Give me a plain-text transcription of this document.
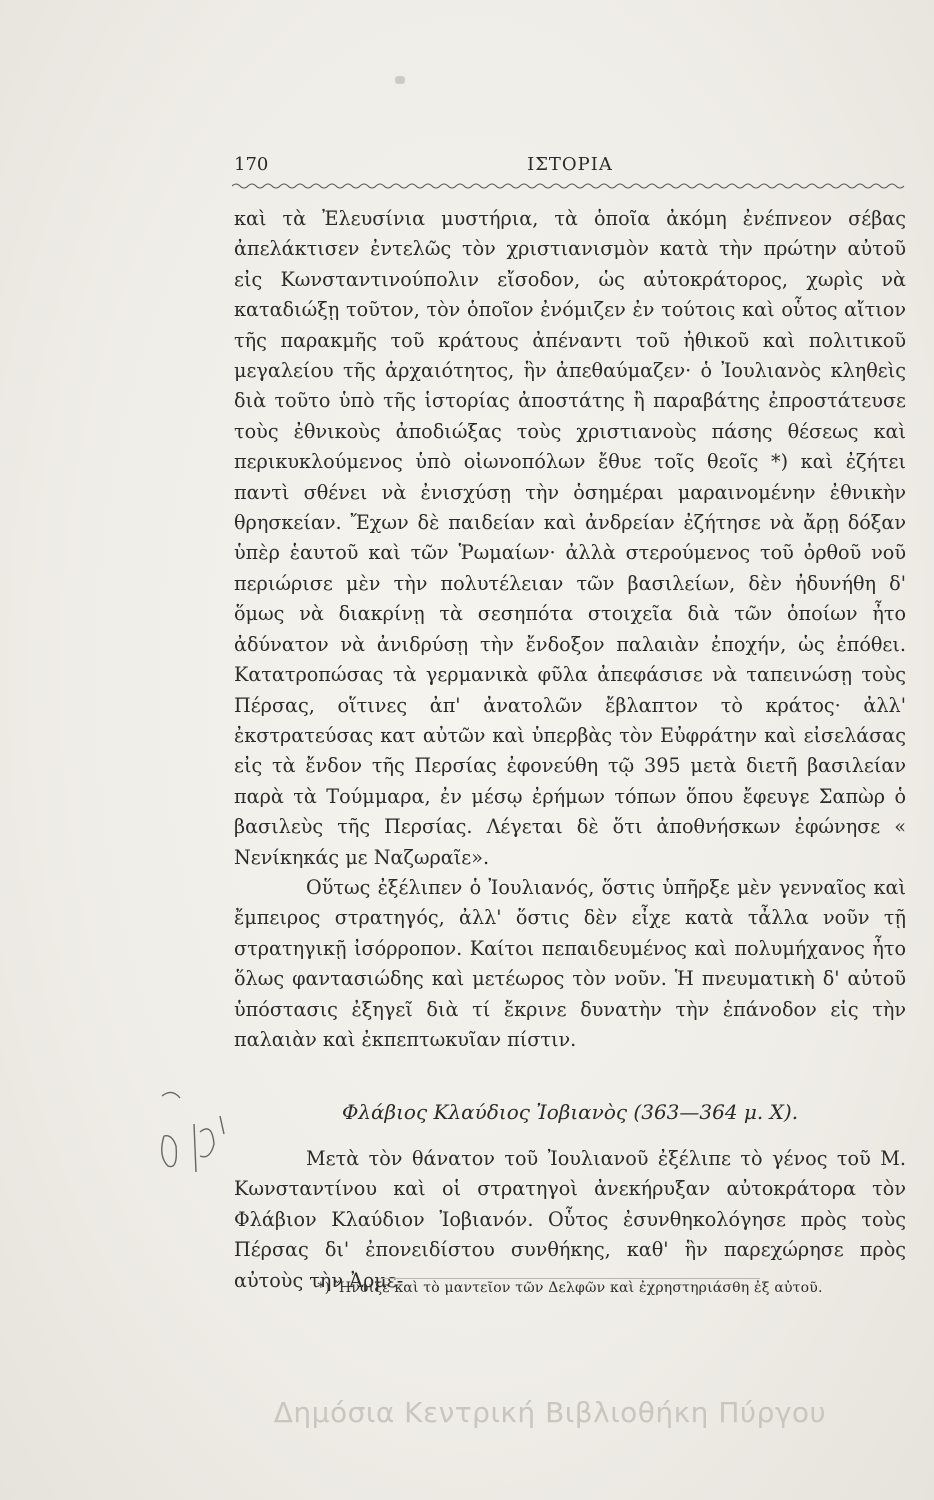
170	ΙΣΤΟΡΙΑ

καὶ τὰ Ἐλευσίνια μυστήρια, τὰ ὁποῖα ἀκόμη ἐνέπνεον σέβας ἀπελάκτισεν ἐντελῶς τὸν χριστιανισμὸν κατὰ τὴν πρώτην αὐτοῦ εἰς Κωνσταντινούπολιν εἴσοδον, ὡς αὐτοκράτορος, χωρὶς νὰ καταδιώξῃ τοῦτον, τὸν ὁποῖον ἐνόμιζεν ἐν τούτοις καὶ οὗτος αἴτιον τῆς παρακμῆς τοῦ κράτους ἀπέναντι τοῦ ἠθικοῦ καὶ πολιτικοῦ μεγαλείου τῆς ἀρχαιότητος, ἣν ἀπεθαύμαζεν· ὁ Ἰουλιανὸς κληθεὶς διὰ τοῦτο ὑπὸ τῆς ἱστορίας ἀποστάτης ἢ παραβάτης ἐπροστάτευσε τοὺς ἐθνικοὺς ἀποδιώξας τοὺς χριστιανοὺς πάσης θέσεως καὶ περικυκλούμενος ὑπὸ οἰωνοπόλων ἔθυε τοῖς θεοῖς *) καὶ ἐζήτει παντὶ σθένει νὰ ἐνισχύσῃ τὴν ὁσημέραι μαραινομένην ἐθνικὴν θρησκείαν. Ἔχων δὲ παιδείαν καὶ ἀνδρείαν ἐζήτησε νὰ ἄρῃ δόξαν ὑπὲρ ἑαυτοῦ καὶ τῶν Ῥωμαίων· ἀλλὰ στερούμενος τοῦ ὀρθοῦ νοῦ περιώρισε μὲν τὴν πολυτέλειαν τῶν βασιλείων, δὲν ἠδυνήθη δ' ὅμως νὰ διακρίνῃ τὰ σεσηπότα στοιχεῖα διὰ τῶν ὁποίων ἦτο ἀδύνατον νὰ ἀνιδρύσῃ τὴν ἔνδοξον παλαιὰν ἐποχήν, ὡς ἐπόθει. Κατατροπώσας τὰ γερμανικὰ φῦλα ἀπεφάσισε νὰ ταπεινώσῃ τοὺς Πέρσας, οἵτινες ἀπ' ἀνατολῶν ἔβλαπτον τὸ κράτος· ἀλλ' ἐκστρατεύσας κατ αὐτῶν καὶ ὑπερβὰς τὸν Εὐφράτην καὶ εἰσελάσας εἰς τὰ ἔνδον τῆς Περσίας ἐφονεύθη τῷ 395 μετὰ διετῆ βασιλείαν παρὰ τὰ Τούμμαρα, ἐν μέσῳ ἐρήμων τόπων ὅπου ἔφευγε Σαπὼρ ὁ βασιλεὺς τῆς Περσίας. Λέγεται δὲ ὅτι ἀποθνήσκων ἐφώνησε « Νενίκηκάς με Ναζωραῖε».

Οὕτως ἐξέλιπεν ὁ Ἰουλιανός, ὅστις ὑπῆρξε μὲν γενναῖος καὶ ἔμπειρος στρατηγός, ἀλλ' ὅστις δὲν εἶχε κατὰ τἆλλα νοῦν τῇ στρατηγικῇ ἰσόρροπον. Καίτοι πεπαιδευμένος καὶ πολυμήχανος ἦτο ὅλως φαντασιώδης καὶ μετέωρος τὸν νοῦν. Ἡ πνευματικὴ δ' αὐτοῦ ὑπόστασις ἐξηγεῖ διὰ τί ἔκρινε δυνατὴν τὴν ἐπάνοδον εἰς τὴν παλαιὰν καὶ ἐκπεπτωκυῖαν πίστιν.

Φλάβιος Κλαύδιος Ἰοβιανὸς (363—364 μ. Χ).

Μετὰ τὸν θάνατον τοῦ Ἰουλιανοῦ ἐξέλιπε τὸ γένος τοῦ Μ. Κωνσταντίνου καὶ οἱ στρατηγοὶ ἀνεκήρυξαν αὐτοκράτορα τὸν Φλάβιον Κλαύδιον Ἰοβιανόν. Οὗτος ἐσυνθηκολόγησε πρὸς τοὺς Πέρσας δι' ἐπονειδίστου συνθήκης, καθ' ἣν παρεχώρησε πρὸς αὐτοὺς τὴν Ἀρμε-

*) Ἤνοιξε καὶ τὸ μαντεῖον τῶν Δελφῶν καὶ ἐχρηστηριάσθη ἐξ αὐτοῦ.
Δημόσια Κεντρική Βιβλιοθήκη Πύργου
